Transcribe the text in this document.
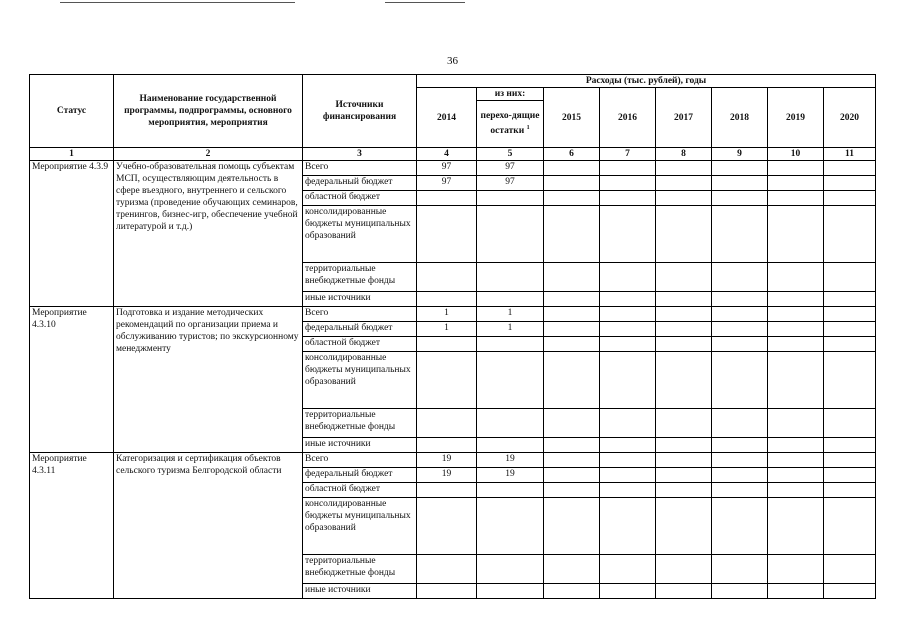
36
Статус	Наименование государственной программы, подпрограммы, основного мероприятия, мероприятия	Источники финансирования	Расходы (тыс. рублей), годы							
			2014	из них:	2015	2016	2017	2018	2019	2020
				перехо-дящие остатки $^1$
1	2	3	4	5	6	7	8	9	10	11
Мероприятие 4.3.9	Учебно-образовательная помощь субъектам МСП, осуществляющим деятельность в сфере въездного, внутреннего и сельского туризма (проведение обучающих семинаров, тренингов, бизнес-игр, обеспечение учебной литературой и т.д.)	Всего	97	97						
		федеральный бюджет	97	97						
		областной бюджет								
		консолидированные бюджеты муниципальных образований								
		территориальные внебюджетные фонды								
		иные источники								
Мероприятие 4.3.10	Подготовка и издание методических рекомендаций по организации приема и обслуживанию туристов; по экскурсионному менеджменту	Всего	1	1						
		федеральный бюджет	1	1						
		областной бюджет								
		консолидированные бюджеты муниципальных образований								
		территориальные внебюджетные фонды								
		иные источники								
Мероприятие 4.3.11	Категоризация и сертификация объектов сельского туризма Белгородской области	Всего	19	19						
		федеральный бюджет	19	19						
		областной бюджет								
		консолидированные бюджеты муниципальных образований								
		территориальные внебюджетные фонды								
		иные источники								
